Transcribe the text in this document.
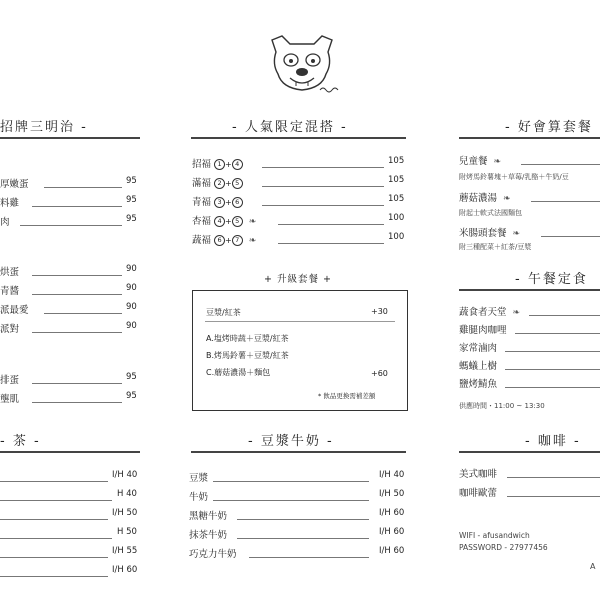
招牌三明治 -
厚嫩蛋	95
料雞	95
肉	95
烘蛋	90
青醬	90
派最愛	90
派對	90
排蛋	95
壟肌	95
- 茶 -
I/H 40
H 40
I/H 50
H 50
I/H 55
I/H 60
- 人氣限定混搭 -
招福 1 + 4	105
滿福 2 + 5	105
青福 3 + 6	105
杏福 4 + 5 ❧	100
蔬福 6 + 7 ❧	100
+ 升級套餐 +
豆漿/紅茶	+30
A.塩烤時蔬＋豆漿/紅茶
B.烤馬鈴薯＋豆漿/紅茶
C.蘑菇濃湯＋麵包	+60
* 飲品更換需補差額
- 豆漿牛奶 -
豆漿	I/H 40
牛奶	I/H 50
黑糖牛奶	I/H 60
抹茶牛奶	I/H 60
巧克力牛奶	I/H 60
- 好會算套餐
兒童餐 ❧
附烤馬鈴薯塊＋草莓/乳酪＋牛奶/豆
蘑菇濃湯 ❧
附起士軟式法國麵包
米腸頭套餐 ❧
附三種配菜＋紅茶/豆漿
- 午餐定食
蔬食者天堂 ❧
雞腿肉咖哩
家常滷肉
螞蟻上樹
鹽烤鯖魚
供應時間・11:00 ~ 13:30
- 咖啡 -
美式咖啡
咖啡歐蕾
WIFI - afusandwich
PASSWORD - 27977456
A
